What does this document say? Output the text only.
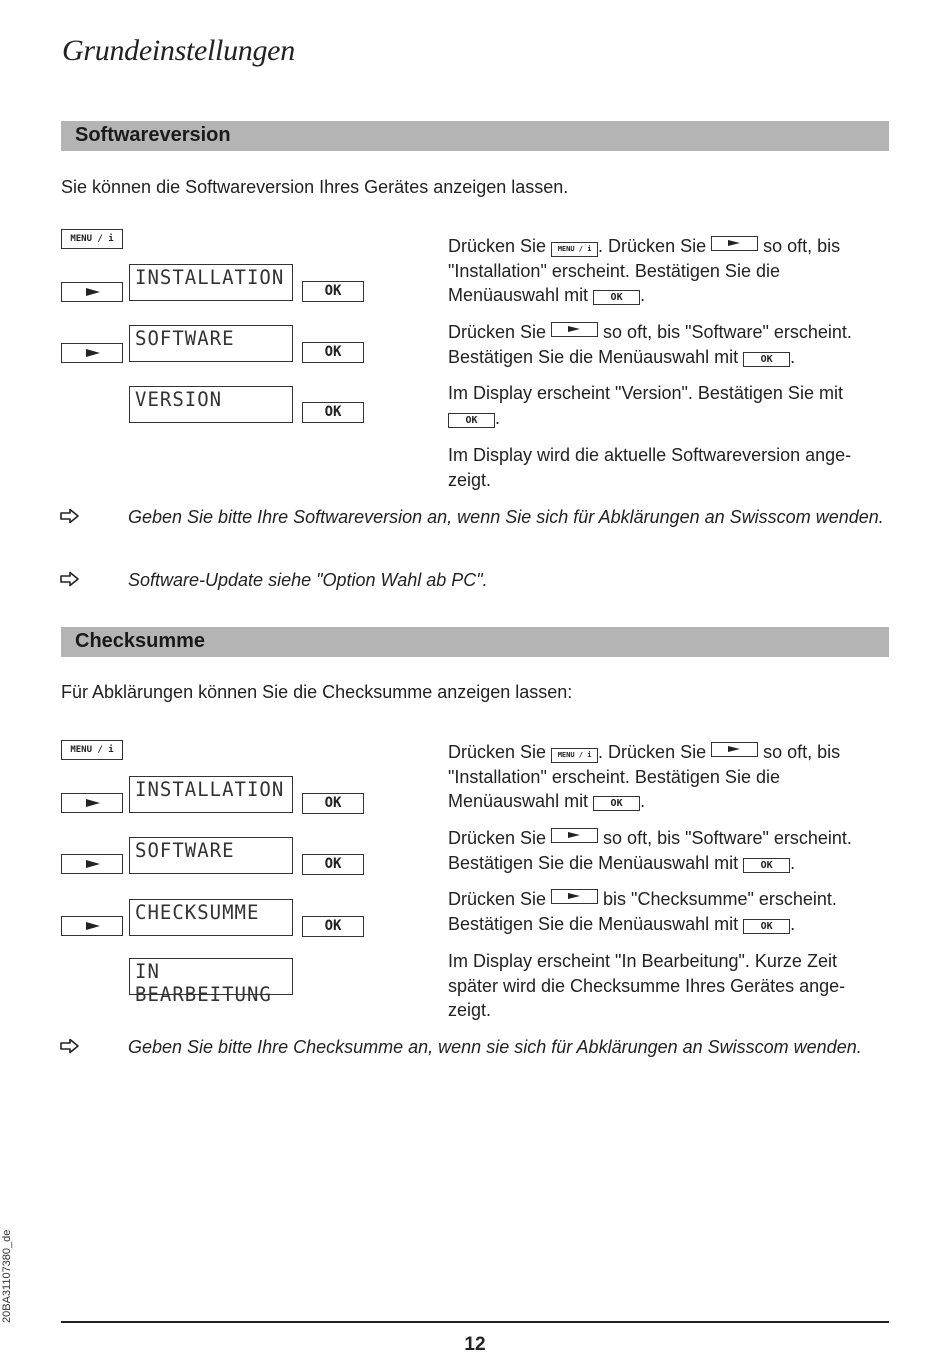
Grundeinstellungen
Softwareversion
Sie können die Softwareversion Ihres Gerätes anzeigen lassen.
MENU / i
INSTALLATION
OK
SOFTWARE
OK
VERSION
OK
Drücken Sie MENU / i . Drücken Sie	so oft, bis "Installation" erscheint. Bestätigen Sie die Menüauswahl mit OK .
Drücken Sie	so oft, bis "Software" erscheint. Bestätigen Sie die Menüauswahl mit OK .
Im Display erscheint "Version". Bestätigen Sie mit OK .
Im Display wird die aktuelle Softwareversion ange-zeigt.
Geben Sie bitte Ihre Softwareversion an, wenn Sie sich für Abklärungen an Swisscom wenden.
Software-Update siehe "Option Wahl ab PC".
Checksumme
Für Abklärungen können Sie die Checksumme anzeigen lassen:
MENU / i
INSTALLATION
OK
SOFTWARE
OK
CHECKSUMME
OK
IN BEARBEITUNG
Drücken Sie MENU / i . Drücken Sie	so oft, bis "Installation" erscheint. Bestätigen Sie die Menüauswahl mit OK .
Drücken Sie	so oft, bis "Software" erscheint. Bestätigen Sie die Menüauswahl mit OK .
Drücken Sie	bis "Checksumme" erscheint. Bestätigen Sie die Menüauswahl mit OK .
Im Display erscheint "In Bearbeitung". Kurze Zeit später wird die Checksumme Ihres Gerätes ange-zeigt.
Geben Sie bitte Ihre Checksumme an, wenn sie sich für Abklärungen an Swisscom wenden.
20BA31107380_de
12
